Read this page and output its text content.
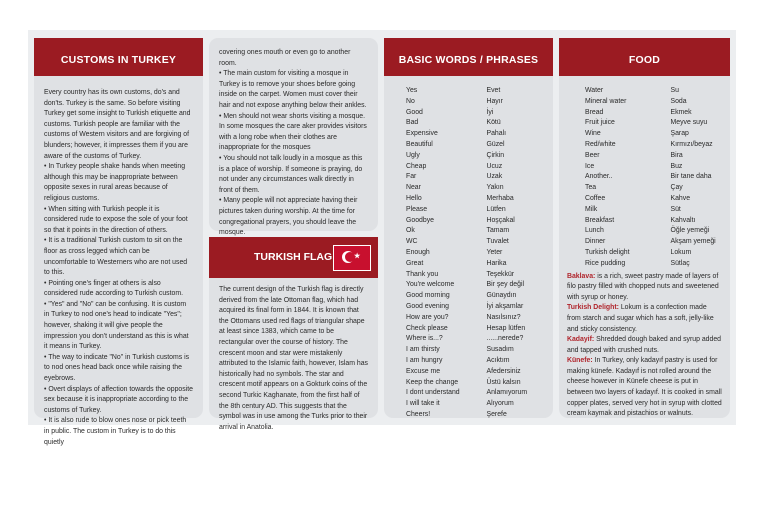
CUSTOMS IN TURKEY

Every country has its own customs, do's and don'ts. Turkey is the same. So before visiting Turkey get some insight to Turkish etiquette and customs. Turkish people are familiar with the customs of Western visitors and are forgiving of blunders; however, it impresses them if you are aware of the customs of Turkey.

• In Turkey people shake hands when meeting although this may be inappropriate between opposite sexes in rural areas because of religious customs.

• When sitting with Turkish people it is considered rude to expose the sole of your foot so that it points in the direction of others.

• It is a traditional Turkish custom to sit on the floor as cross legged which can be uncomfortable to Westerners who are not used to this.

• Pointing one's finger at others is also considered rude according to Turkish custom.

• "Yes" and "No" can be confusing. It is custom in Turkey to nod one's head to indicate "Yes"; however, shaking it will give people the impression you don't understand as this is what it means in Turkey.

• The way to indicate "No" in Turkish customs is to nod ones head back once while raising the eyebrows.

• Overt displays of affection towards the opposite sex because it is inappropriate according to the customs of Turkey.

• It is also rude to blow ones nose or pick teeth in public. The custom in Turkey is to do this quietly

covering ones mouth or even go to another room.

• The main custom for visiting a mosque in Turkey is to remove your shoes before going inside on the carpet. Women must cover their hair and not expose anything below their ankles.

• Men should not wear shorts visiting a mosque. In some mosques the care aker provides visitors with a long robe when their clothes are inappropriate for the mosques

• You should not talk loudly in a mosque as this is a place of worship. If someone is praying, do not under any circumstances walk directly in front of them.

• Many people will not appreciate having their pictures taken during worship. At the time for congregational prayers, you should leave the mosque.

TURKISH FLAG	★
The current design of the Turkish flag is directly derived from the late Ottoman flag, which had acquired its final form in 1844. It is known that the Ottomans used red flags of triangular shape at least since 1383, which came to be rectangular over the course of history. The crescent moon and star were mistakenly attributed to the Islamic faith, however, Islam has historically had no symbols. The star and crescent motif appears on a Gokturk coins of the second Turkic Kaghanate, from the first half of the 8th century AD. This suggests that the symbol was in use among the Turks prior to their arrival in Anatolia.
BASIC WORDS / PHRASES
Yes
No
Good
Bad
Expensive
Beautiful
Ugly
Cheap
Far
Near
Hello
Please
Goodbye
Ok
WC
Enough
Great
Thank you
You're welcome
Good morning
Good evening
How are you?
Check please
Where is...?
I am thirsty
I am hungry
Excuse me
Keep the change
I dont understand
I will take it
Cheers!
Evet
Hayır
İyi
Kötü
Pahalı
Güzel
Çirkin
Ucuz
Uzak
Yakın
Merhaba
Lütfen
Hoşçakal
Tamam
Tuvalet
Yeter
Harika
Teşekkür
Bir şey değil
Günaydın
İyi akşamlar
Nasılsınız?
Hesap lütfen
......nerede?
Susadım
Acıktım
Afedersiniz
Üstü kalsın
Anlamıyorum
Alıyorum
Şerefe
FOOD
Water
Mineral water
Bread
Fruit juice
Wine
Red/white
Beer
Ice
Another..
Tea
Coffee
Milk
Breakfast
Lunch
Dinner
Turkish delight
Rice pudding
Su
Soda
Ekmek
Meyve suyu
Şarap
Kırmızı/beyaz
Bira
Buz
Bir tane daha
Çay
Kahve
Süt
Kahvaltı
Öğle yemeği
Akşam yemeği
Lokum
Sütlaç

Baklava: is a rich, sweet pastry made of layers of filo pastry filled with chopped nuts and sweetened with syrup or honey.

Turkish Delight: Lokum is a confection made from starch and sugar which has a soft, jelly-like and sticky consistency.

Kadayif: Shredded dough baked and syrup added and tapped with crushed nuts.

Künefe: In Turkey, only kadayıf pastry is used for making künefe. Kadayıf is not rolled around the cheese however in Künefe cheese is put in between two layers of kadayıf. It is cooked in small copper plates, served very hot in syrup with clotted cream kaymak and pistachios or walnuts.
